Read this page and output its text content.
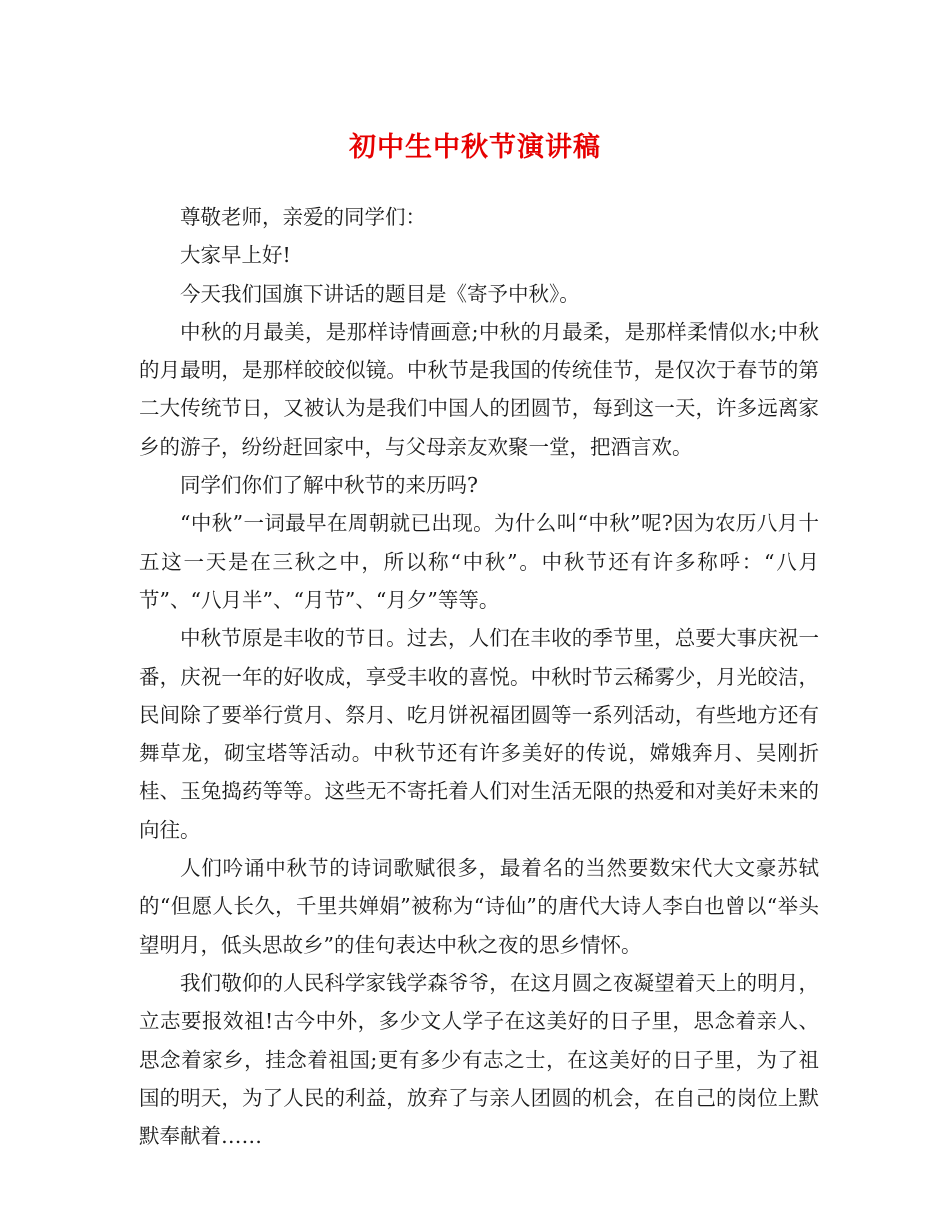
初中生中秋节演讲稿

尊敬老师，亲爱的同学们：

大家早上好!

今天我们国旗下讲话的题目是《寄予中秋》。

中秋的月最美，是那样诗情画意;中秋的月最柔，是那样柔情似水;中秋的月最明，是那样皎皎似镜。中秋节是我国的传统佳节，是仅次于春节的第二大传统节日，又被认为是我们中国人的团圆节，每到这一天，许多远离家乡的游子，纷纷赶回家中，与父母亲友欢聚一堂，把酒言欢。

同学们你们了解中秋节的来历吗?

“中秋”一词最早在周朝就已出现。为什么叫“中秋”呢?因为农历八月十五这一天是在三秋之中，所以称“中秋”。中秋节还有许多称呼：“八月节”、“八月半”、“月节”、“月夕”等等。

中秋节原是丰收的节日。过去，人们在丰收的季节里，总要大事庆祝一番，庆祝一年的好收成，享受丰收的喜悦。中秋时节云稀雾少，月光皎洁，民间除了要举行赏月、祭月、吃月饼祝福团圆等一系列活动，有些地方还有舞草龙，砌宝塔等活动。中秋节还有许多美好的传说，嫦娥奔月、吴刚折桂、玉兔捣药等等。这些无不寄托着人们对生活无限的热爱和对美好未来的向往。

人们吟诵中秋节的诗词歌赋很多，最着名的当然要数宋代大文豪苏轼的“但愿人长久，千里共婵娟”被称为“诗仙”的唐代大诗人李白也曾以“举头望明月，低头思故乡”的佳句表达中秋之夜的思乡情怀。

我们敬仰的人民科学家钱学森爷爷，在这月圆之夜凝望着天上的明月，立志要报效祖!古今中外，多少文人学子在这美好的日子里，思念着亲人、思念着家乡，挂念着祖国;更有多少有志之士，在这美好的日子里，为了祖国的明天，为了人民的利益，放弃了与亲人团圆的机会，在自己的岗位上默默奉献着……
